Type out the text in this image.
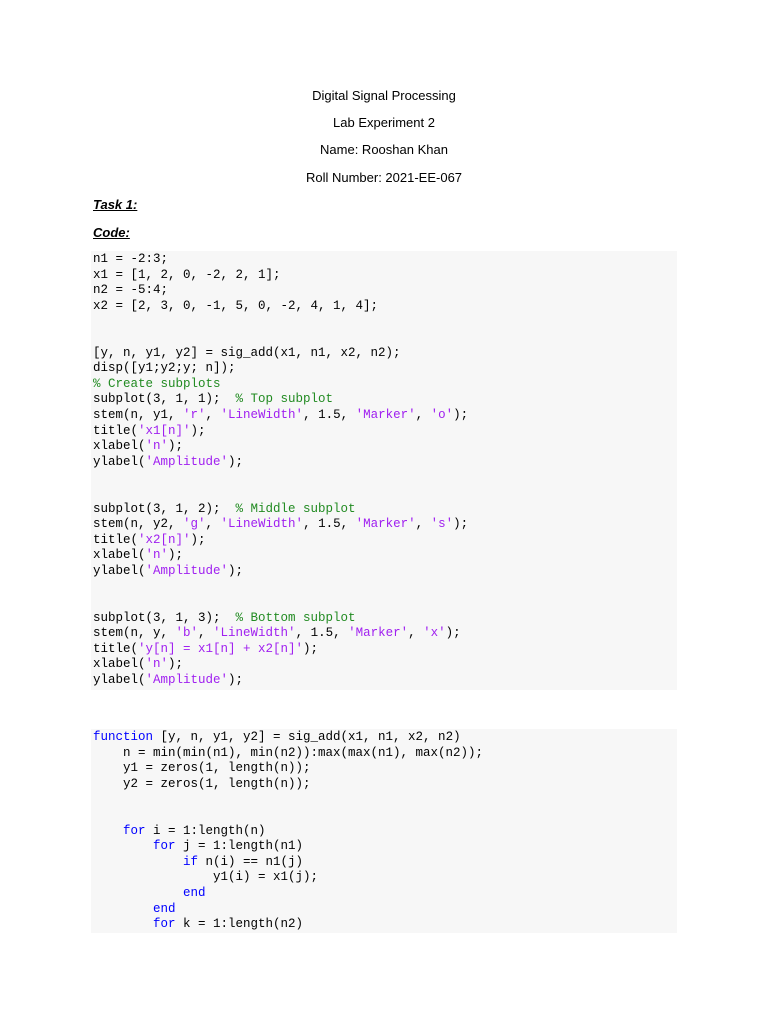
Digital Signal Processing
Lab Experiment 2
Name: Rooshan Khan
Roll Number: 2021-EE-067
Task 1:
Code:
n1 = -2:3;
x1 = [1, 2, 0, -2, 2, 1];
n2 = -5:4;
x2 = [2, 3, 0, -1, 5, 0, -2, 4, 1, 4];
[y, n, y1, y2] = sig_add(x1, n1, x2, n2);
disp([y1;y2;y; n]);
% Create subplots
subplot(3, 1, 1);  % Top subplot
stem(n, y1, 'r', 'LineWidth', 1.5, 'Marker', 'o');
title('x1[n]');
xlabel('n');
ylabel('Amplitude');
subplot(3, 1, 2);  % Middle subplot
stem(n, y2, 'g', 'LineWidth', 1.5, 'Marker', 's');
title('x2[n]');
xlabel('n');
ylabel('Amplitude');
subplot(3, 1, 3);  % Bottom subplot
stem(n, y, 'b', 'LineWidth', 1.5, 'Marker', 'x');
title('y[n] = x1[n] + x2[n]');
xlabel('n');
ylabel('Amplitude');
function [y, n, y1, y2] = sig_add(x1, n1, x2, n2)
n = min(min(n1), min(n2)):max(max(n1), max(n2));
y1 = zeros(1, length(n));
y2 = zeros(1, length(n));
for i = 1:length(n)
for j = 1:length(n1)
if n(i) == n1(j)
y1(i) = x1(j);
end
end
for k = 1:length(n2)
